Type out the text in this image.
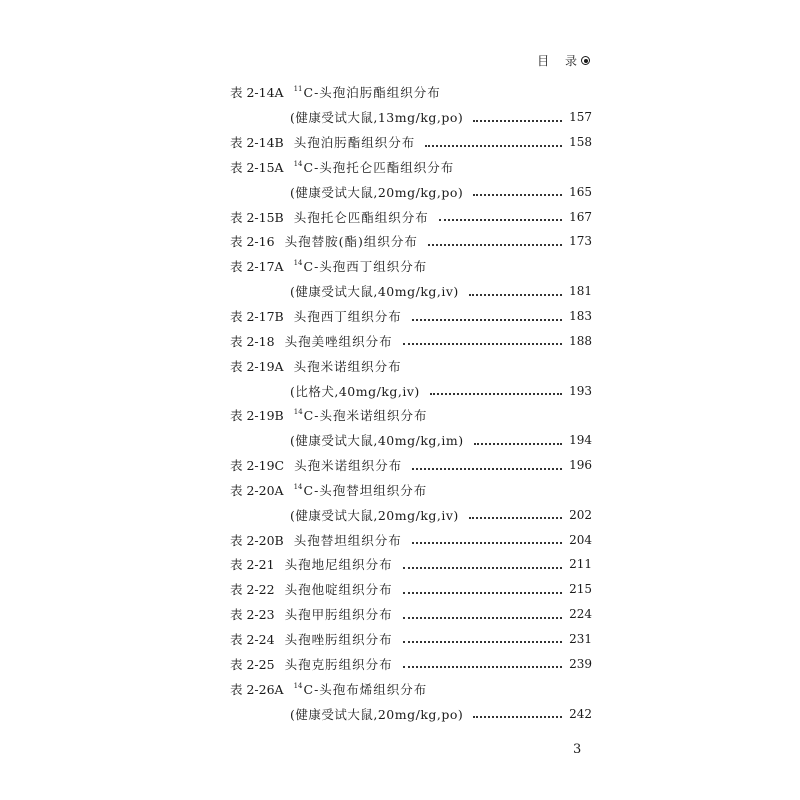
目 录
表 2-14A $^{11}$C-头孢泊肟酯组织分布
(健康受试大鼠,13mg/kg,po)	157
表 2-14B 头孢泊肟酯组织分布	158
表 2-15A $^{14}$C-头孢托仑匹酯组织分布
(健康受试大鼠,20mg/kg,po)	165
表 2-15B 头孢托仑匹酯组织分布	167
表 2-16 头孢替胺(酯)组织分布	173
表 2-17A $^{14}$C-头孢西丁组织分布
(健康受试大鼠,40mg/kg,iv)	181
表 2-17B 头孢西丁组织分布	183
表 2-18 头孢美唑组织分布	188
表 2-19A 头孢米诺组织分布
(比格犬,40mg/kg,iv)	193
表 2-19B $^{14}$C-头孢米诺组织分布
(健康受试大鼠,40mg/kg,im)	194
表 2-19C 头孢米诺组织分布	196
表 2-20A $^{14}$C-头孢替坦组织分布
(健康受试大鼠,20mg/kg,iv)	202
表 2-20B 头孢替坦组织分布	204
表 2-21 头孢地尼组织分布	211
表 2-22 头孢他啶组织分布	215
表 2-23 头孢甲肟组织分布	224
表 2-24 头孢唑肟组织分布	231
表 2-25 头孢克肟组织分布	239
表 2-26A $^{14}$C-头孢布烯组织分布
(健康受试大鼠,20mg/kg,po)	242
3
